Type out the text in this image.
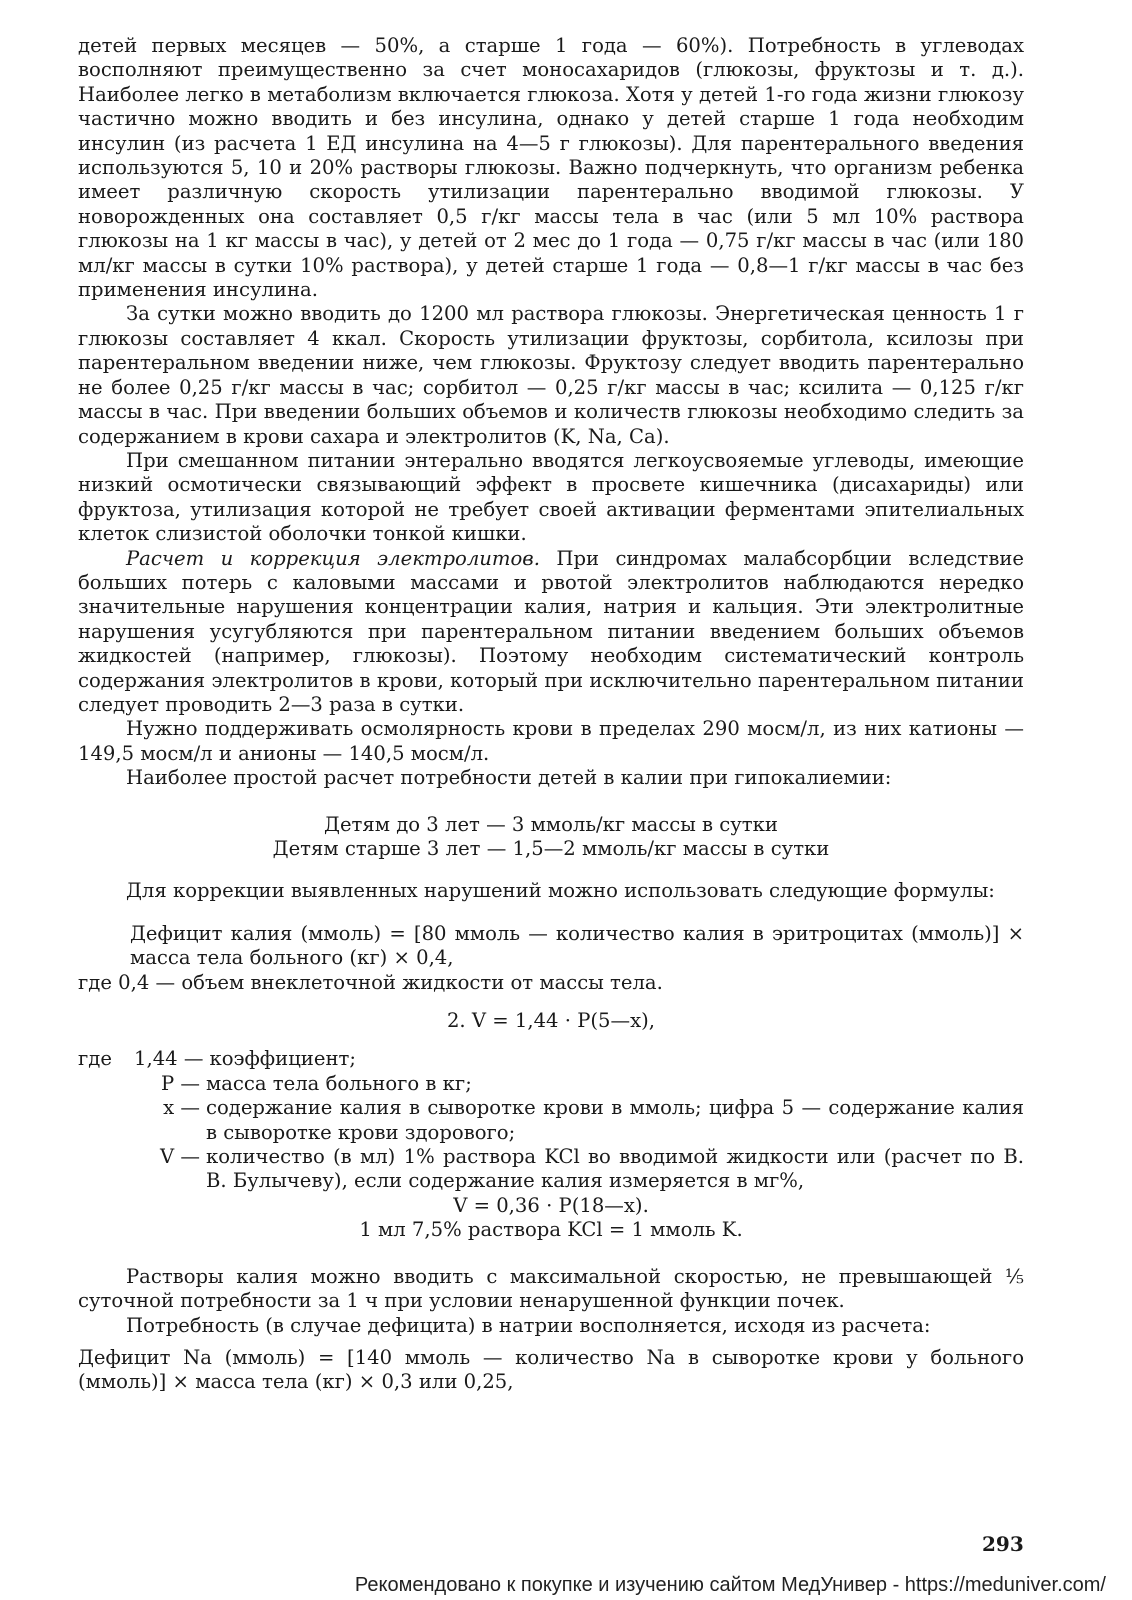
детей первых месяцев — 50%, а старше 1 года — 60%). Потребность в углеводах восполняют преимущественно за счет моносахаридов (глюкозы, фруктозы и т. д.). Наиболее легко в метаболизм включается глюкоза. Хотя у детей 1-го года жизни глюкозу частично можно вводить и без инсулина, однако у детей старше 1 года необходим инсулин (из расчета 1 ЕД инсулина на 4—5 г глюкозы). Для парентерального введения используются 5, 10 и 20% растворы глюкозы. Важно подчеркнуть, что организм ребенка имеет различную скорость утилизации парентерально вводимой глюкозы. У новорожденных она составляет 0,5 г/кг массы тела в час (или 5 мл 10% раствора глюкозы на 1 кг массы в час), у детей от 2 мес до 1 года — 0,75 г/кг массы в час (или 180 мл/кг массы в сутки 10% раствора), у детей старше 1 года — 0,8—1 г/кг массы в час без применения инсулина.

За сутки можно вводить до 1200 мл раствора глюкозы. Энергетическая ценность 1 г глюкозы составляет 4 ккал. Скорость утилизации фруктозы, сорбитола, ксилозы при парентеральном введении ниже, чем глюкозы. Фруктозу следует вводить парентерально не более 0,25 г/кг массы в час; сорбитол — 0,25 г/кг массы в час; ксилита — 0,125 г/кг массы в час. При введении больших объемов и количеств глюкозы необходимо следить за содержанием в крови сахара и электролитов (K, Na, Ca).

При смешанном питании энтерально вводятся легкоусвояемые углеводы, имеющие низкий осмотически связывающий эффект в просвете кишечника (дисахариды) или фруктоза, утилизация которой не требует своей активации ферментами эпителиальных клеток слизистой оболочки тонкой кишки.

Расчет и коррекция электролитов. При синдромах малабсорбции вследствие больших потерь с каловыми массами и рвотой электролитов наблюдаются нередко значительные нарушения концентрации калия, натрия и кальция. Эти электролитные нарушения усугубляются при парентеральном питании введением больших объемов жидкостей (например, глюкозы). Поэтому необходим систематический контроль содержания электролитов в крови, который при исключительно парентеральном питании следует проводить 2—3 раза в сутки.

Нужно поддерживать осмолярность крови в пределах 290 мосм/л, из них катионы — 149,5 мосм/л и анионы — 140,5 мосм/л.

Наиболее простой расчет потребности детей в калии при гипокалиемии:

Детям до 3 лет — 3 ммоль/кг массы в сутки

Детям старше 3 лет — 1,5—2 ммоль/кг массы в сутки

Для коррекции выявленных нарушений можно использовать следующие формулы:

Дефицит калия (ммоль) = [80 ммоль — количество калия в эритроцитах (ммоль)] × масса тела больного (кг) × 0,4,

где 0,4 — объем внеклеточной жидкости от массы тела.

2. V = 1,44 · P(5—x),

где	1,44 — коэффициент;
P — масса тела больного в кг;
x — содержание калия в сыворотке крови в ммоль; цифра 5 — содержание калия в сыворотке крови здорового;
V — количество (в мл) 1% раствора KCl во вводимой жидкости или (расчет по В. В. Булычеву), если содержание калия измеряется в мг%,

V = 0,36 · P(18—x).

1 мл 7,5% раствора KCl = 1 ммоль K.

Растворы калия можно вводить с максимальной скоростью, не превышающей ⅕ суточной потребности за 1 ч при условии ненарушенной функции почек.

Потребность (в случае дефицита) в натрии восполняется, исходя из расчета:

Дефицит Na (ммоль) = [140 ммоль — количество Na в сыворотке крови у больного (ммоль)] × масса тела (кг) × 0,3 или 0,25,

293
Рекомендовано к покупке и изучению сайтом МедУнивер - https://meduniver.com/
